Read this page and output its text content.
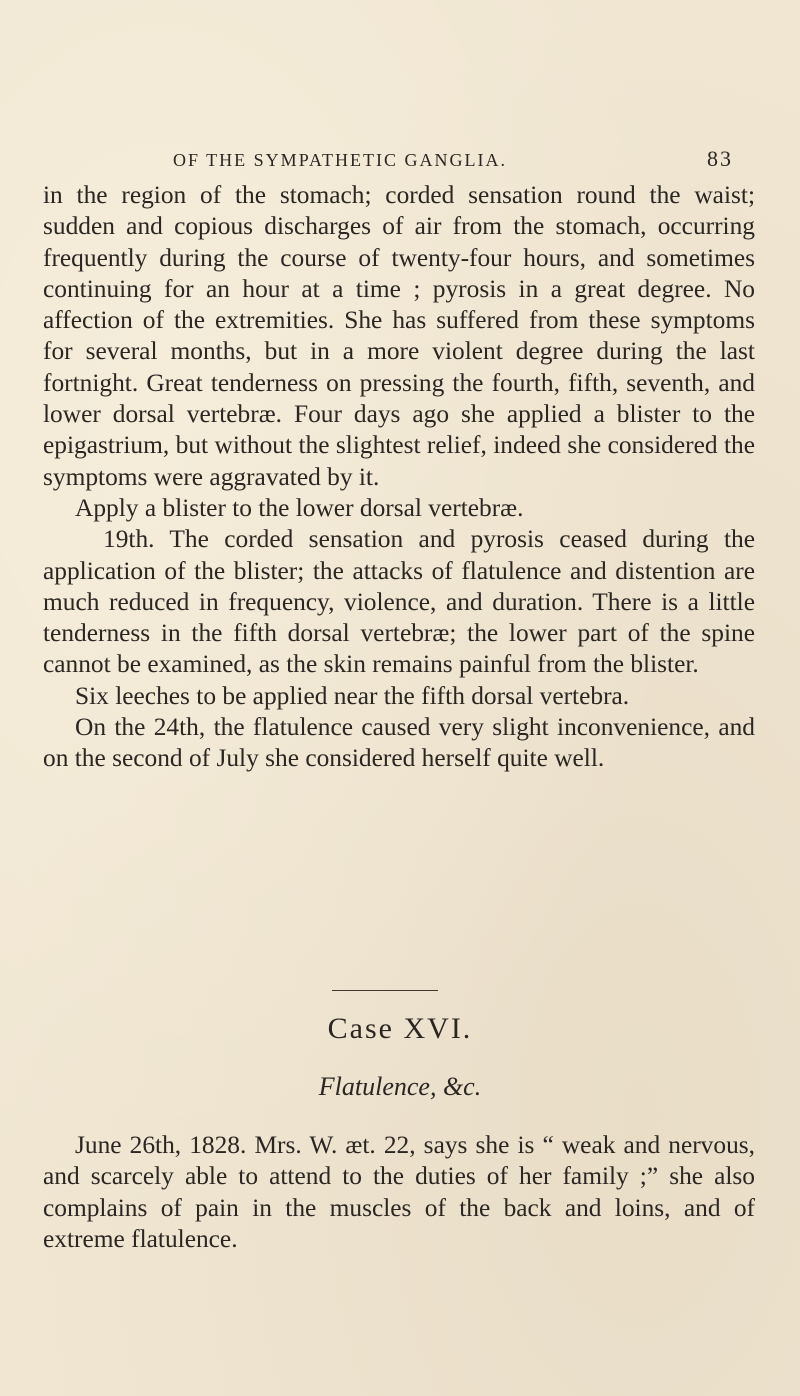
OF THE SYMPATHETIC GANGLIA.	83

in the region of the stomach; corded sensation round the waist; sudden and copious discharges of air from the stomach, occurring frequently during the course of twenty-four hours, and sometimes continuing for an hour at a time ; pyrosis in a great degree. No affection of the extremities. She has suffered from these symptoms for several months, but in a more violent degree during the last fortnight. Great tenderness on pressing the fourth, fifth, seventh, and lower dorsal vertebræ. Four days ago she applied a blister to the epigastrium, but without the slightest relief, indeed she considered the symptoms were aggravated by it.

Apply a blister to the lower dorsal vertebræ.

19th. The corded sensation and pyrosis ceased during the application of the blister; the attacks of flatulence and distention are much reduced in frequency, violence, and duration. There is a little tenderness in the fifth dorsal vertebræ; the lower part of the spine cannot be examined, as the skin remains painful from the blister.

Six leeches to be applied near the fifth dorsal vertebra.

On the 24th, the flatulence caused very slight inconvenience, and on the second of July she considered herself quite well.

Case XVI.
Flatulence, &c.

June 26th, 1828. Mrs. W. æt. 22, says she is “ weak and nervous, and scarcely able to attend to the duties of her family ;” she also complains of pain in the muscles of the back and loins, and of extreme flatulence.
